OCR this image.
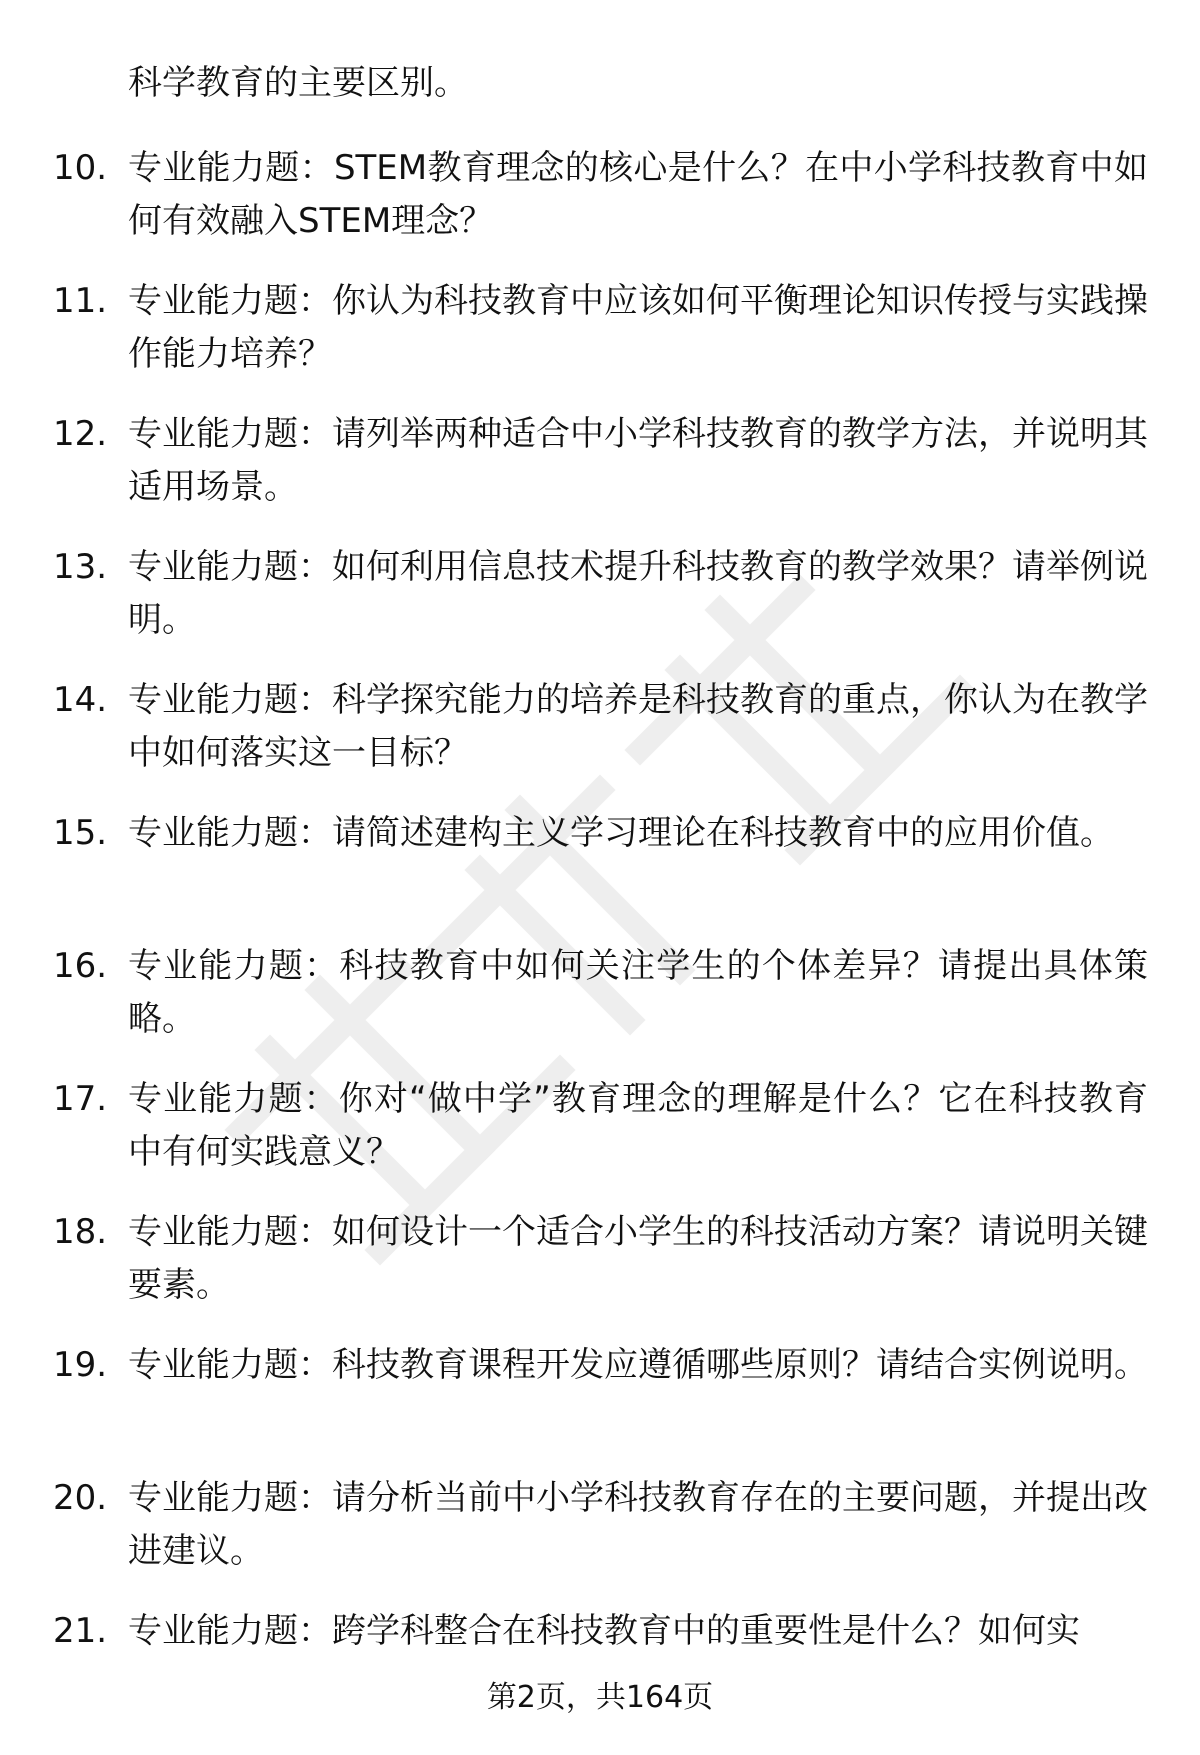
科学教育的主要区别。
10. 专业能力题：STEM教育理念的核心是什么？在中小学科技教育中如何有效融入STEM理念？
11. 专业能力题：你认为科技教育中应该如何平衡理论知识传授与实践操作能力培养？
12. 专业能力题：请列举两种适合中小学科技教育的教学方法，并说明其适用场景。
13. 专业能力题：如何利用信息技术提升科技教育的教学效果？请举例说明。
14. 专业能力题：科学探究能力的培养是科技教育的重点，你认为在教学中如何落实这一目标？
15. 专业能力题：请简述建构主义学习理论在科技教育中的应用价值。
16. 专业能力题：科技教育中如何关注学生的个体差异？请提出具体策略。
17. 专业能力题：你对“做中学”教育理念的理解是什么？它在科技教育中有何实践意义？
18. 专业能力题：如何设计一个适合小学生的科技活动方案？请说明关键要素。
19. 专业能力题：科技教育课程开发应遵循哪些原则？请结合实例说明。
20. 专业能力题：请分析当前中小学科技教育存在的主要问题，并提出改进建议。
21. 专业能力题：跨学科整合在科技教育中的重要性是什么？如何实
第2页，共164页
